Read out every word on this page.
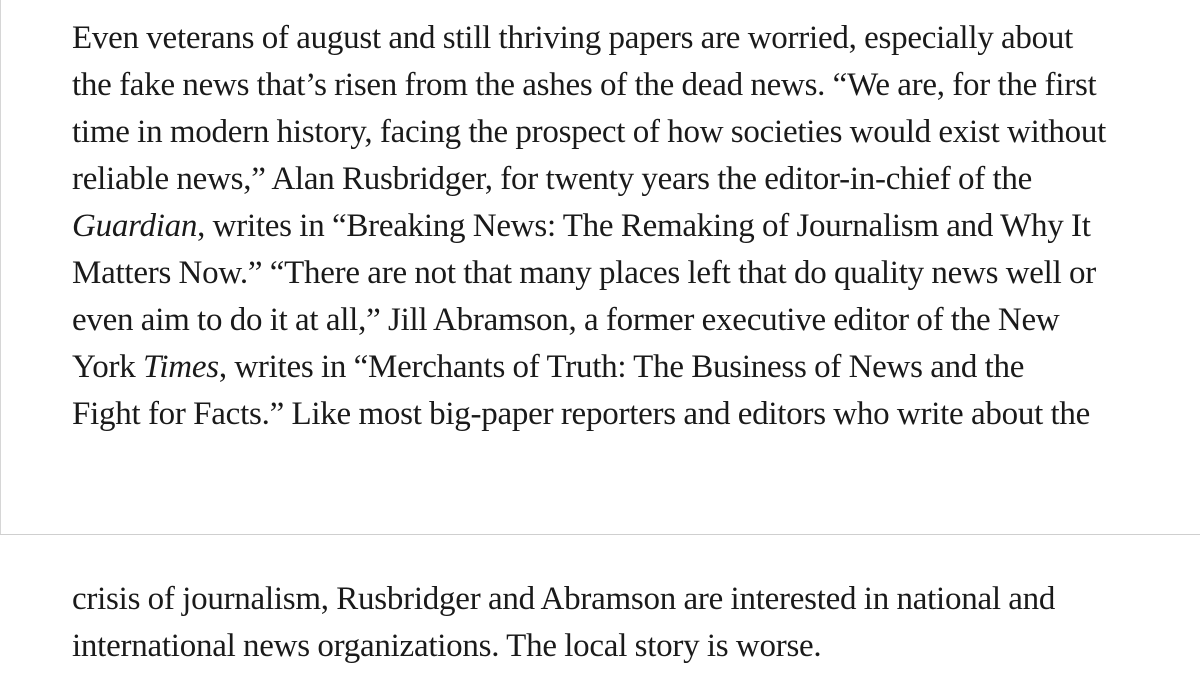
Even veterans of august and still thriving papers are worried, especially about
the fake news that’s risen from the ashes of the dead news. “We are, for the first
time in modern history, facing the prospect of how societies would exist without
reliable news,” Alan Rusbridger, for twenty years the editor-in-chief of the
Guardian, writes in “Breaking News: The Remaking of Journalism and Why It
Matters Now.” “There are not that many places left that do quality news well or
even aim to do it at all,” Jill Abramson, a former executive editor of the New
York Times, writes in “Merchants of Truth: The Business of News and the
Fight for Facts.” Like most big-paper reporters and editors who write about the
crisis of journalism, Rusbridger and Abramson are interested in national and
international news organizations. The local story is worse.
